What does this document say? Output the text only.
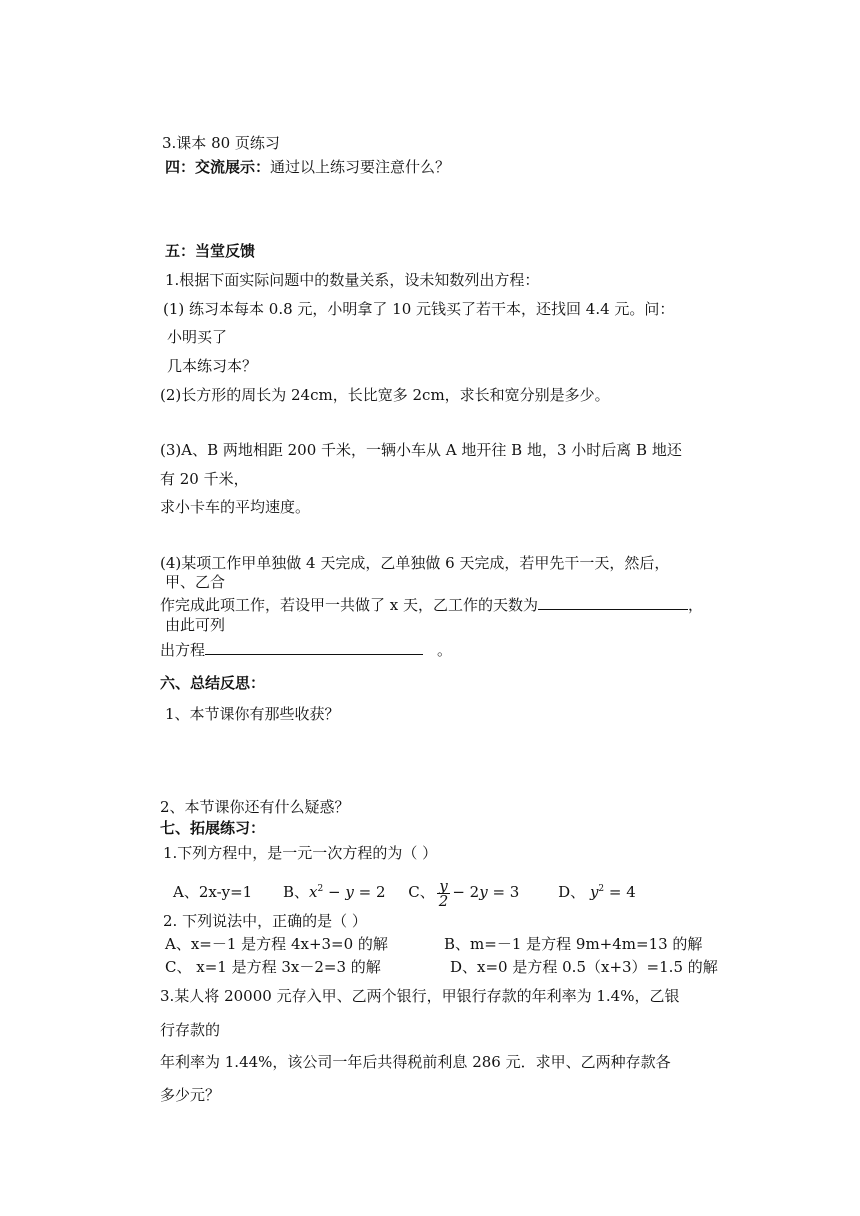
3.课本 80 页练习
四：交流展示：通过以上练习要注意什么？
五：当堂反馈
1.根据下面实际问题中的数量关系，设未知数列出方程：
(1) 练习本每本 0.8 元，小明拿了 10 元钱买了若干本，还找回 4.4 元。问：
小明买了
几本练习本？
(2)长方形的周长为 24cm，长比宽多 2cm，求长和宽分别是多少。
(3)A、B 两地相距 200 千米，一辆小车从 A 地开往 B 地，3 小时后离 B 地还
有 20 千米，
求小卡车的平均速度。
(4)某项工作甲单独做 4 天完成，乙单独做 6 天完成，若甲先干一天，然后，
甲、乙合
作完成此项工作，若设甲一共做了 x 天，乙工作的天数为	，
由此可列
出方程	。
六、总结反思：
1、本节课你有那些收获？
2、本节课你还有什么疑惑？
七、拓展练习：
1.下列方程中，是一元一次方程的为（ ）
A、2x-y=1 B、$x^2 - y = 2$ C、 $\frac{y}{2} - 2y = 3$	D、 $y^2 = 4$
2. 下列说法中，正确的是（ ）
A、x=－1 是方程 4x+3=0 的解	B、m=－1 是方程 9m+4m=13 的解
C、 x=1 是方程 3x－2=3 的解	D、x=0 是方程 0.5（x+3）=1.5 的解
3.某人将 20000 元存入甲、乙两个银行，甲银行存款的年利率为 1.4%，乙银
行存款的
年利率为 1.44%，该公司一年后共得税前利息 286 元．求甲、乙两种存款各
多少元？
